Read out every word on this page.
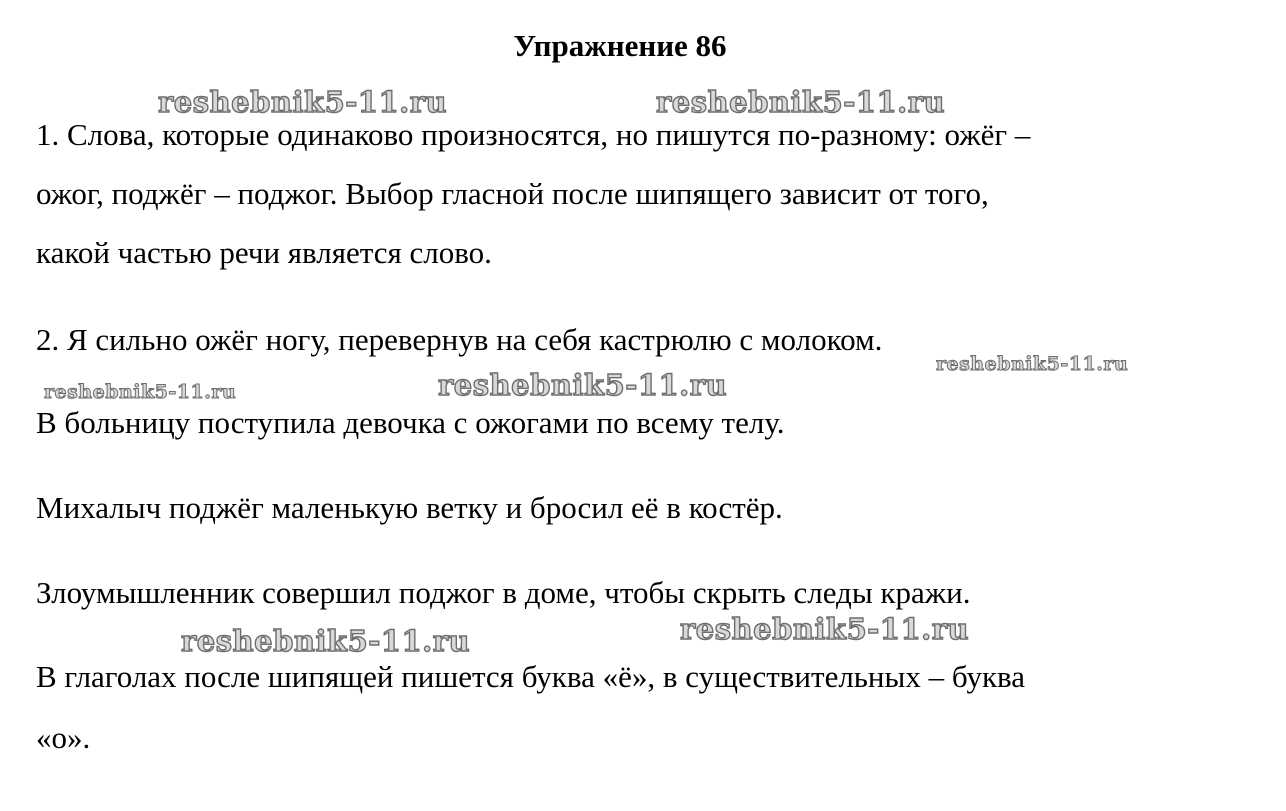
Упражнение 86
reshebnik5-11.ru	reshebnik5-11.ru
reshebnik5-11.ru	reshebnik5-11.ru
reshebnik5-11.ru
reshebnik5-11.ru	reshebnik5-11.ru
1. Слова, которые одинаково произносятся, но пишутся по-разному: ожёг –
ожог, поджёг – поджог. Выбор гласной после шипящего зависит от того,
какой частью речи является слово.
2. Я сильно ожёг ногу, перевернув на себя кастрюлю с молоком.
В больницу поступила девочка с ожогами по всему телу.
Михалыч поджёг маленькую ветку и бросил её в костёр.
Злоумышленник совершил поджог в доме, чтобы скрыть следы кражи.
В глаголах после шипящей пишется буква «ё», в существительных – буква
«о».
